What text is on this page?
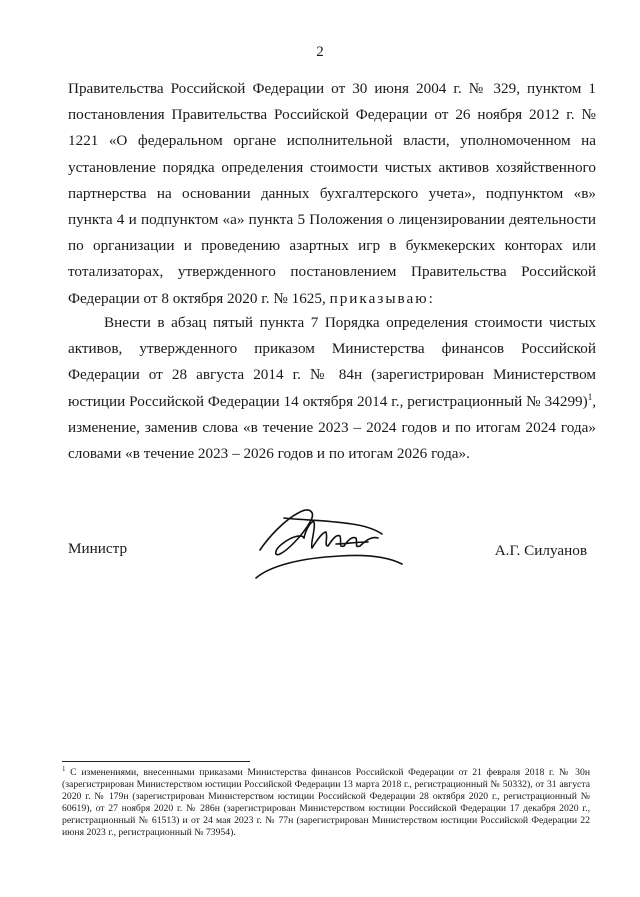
2

Правительства Российской Федерации от 30 июня 2004 г. № 329, пунктом 1 постановления Правительства Российской Федерации от 26 ноября 2012 г. № 1221 «О федеральном органе исполнительной власти, уполномоченном на установление порядка определения стоимости чистых активов хозяйственного партнерства на основании данных бухгалтерского учета», подпунктом «в» пункта 4 и подпунктом «а» пункта 5 Положения о лицензировании деятельности по организации и проведению азартных игр в букмекерских конторах или тотализаторах, утвержденного постановлением Правительства Российской Федерации от 8 октября 2020 г. № 1625, приказываю:

Внести в абзац пятый пункта 7 Порядка определения стоимости чистых активов, утвержденного приказом Министерства финансов Российской Федерации от 28 августа 2014 г. № 84н (зарегистрирован Министерством юстиции Российской Федерации 14 октября 2014 г., регистрационный № 34299)$^1$, изменение, заменив слова «в течение 2023 – 2024 годов и по итогам 2024 года» словами «в течение 2023 – 2026 годов и по итогам 2026 года».

Министр	А.Г. Силуанов

$^1$ С изменениями, внесенными приказами Министерства финансов Российской Федерации от 21 февраля 2018 г. № 30н (зарегистрирован Министерством юстиции Российской Федерации 13 марта 2018 г., регистрационный № 50332), от 31 августа 2020 г. № 179н (зарегистрирован Министерством юстиции Российской Федерации 28 октября 2020 г., регистрационный № 60619), от 27 ноября 2020 г. № 286н (зарегистрирован Министерством юстиции Российской Федерации 17 декабря 2020 г., регистрационный № 61513) и от 24 мая 2023 г. № 77н (зарегистрирован Министерством юстиции Российской Федерации 22 июня 2023 г., регистрационный № 73954).
